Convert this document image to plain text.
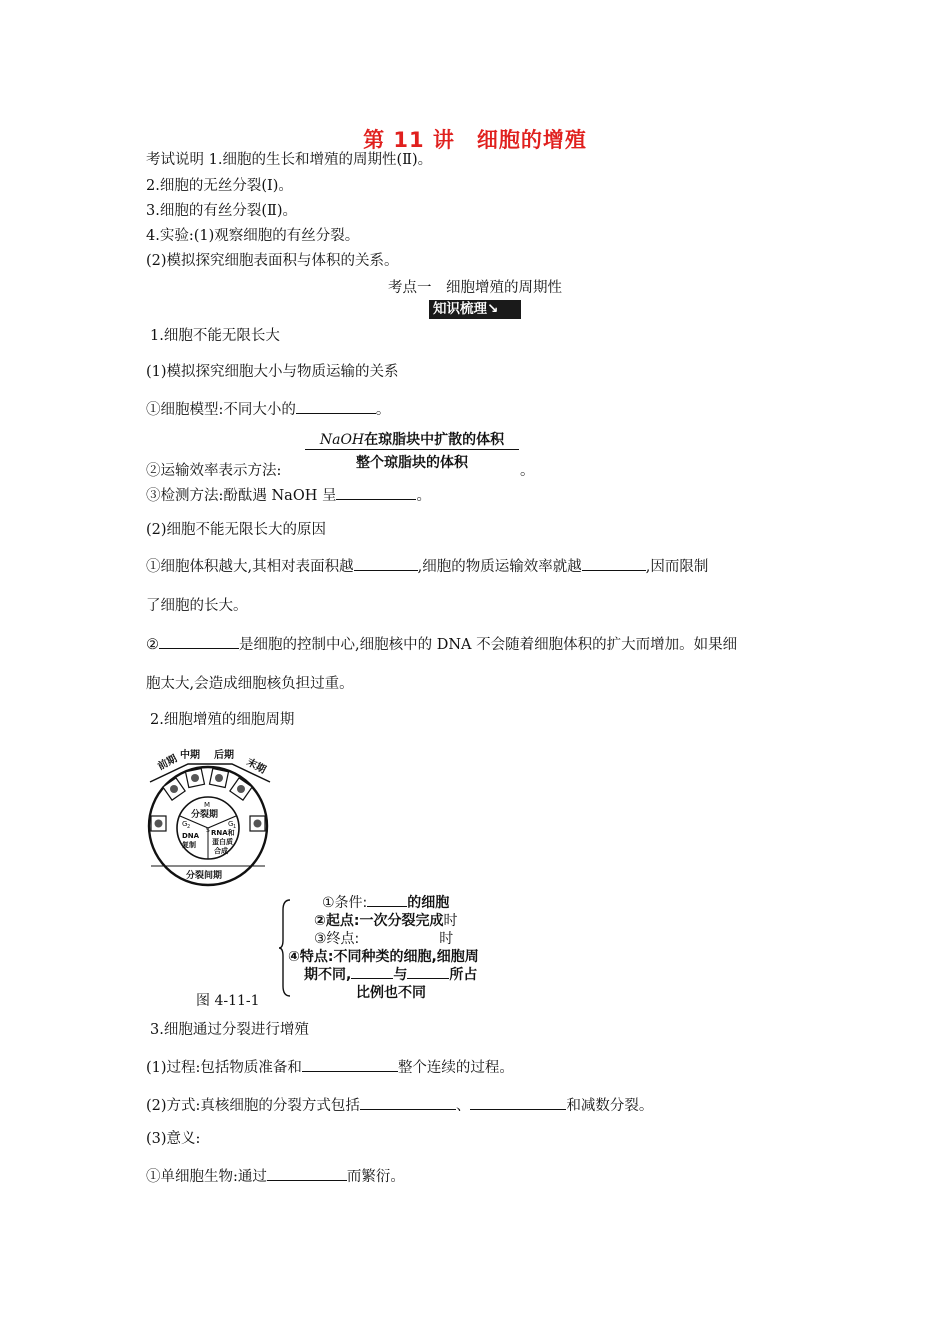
第 11 讲　细胞的增殖
考试说明 1.细胞的生长和增殖的周期性(Ⅱ)。
2.细胞的无丝分裂(Ⅰ)。
3.细胞的有丝分裂(Ⅱ)。
4.实验:(1)观察细胞的有丝分裂。
(2)模拟探究细胞表面积与体积的关系。
考点一　细胞增殖的周期性
知识梳理↘
1.细胞不能无限长大
(1)模拟探究细胞大小与物质运输的关系
①细胞模型:不同大小的	。
NaOH在琼脂块中扩散的体积
整个琼脂块的体积
②运输效率表示方法:	。
③检测方法:酚酞遇 NaOH 呈	。
(2)细胞不能无限长大的原因
①细胞体积越大,其相对表面积越	,细胞的物质运输效率就越	,因而限制
了细胞的长大。
②	是细胞的控制中心,细胞核中的 DNA 不会随着细胞体积的扩大而增加。如果细
胞太大,会造成细胞核负担过重。
2.细胞增殖的细胞周期
前期 中期 后期
末期
M
分裂期
G 2	G 1
S
DNA
复制
RNA和
蛋白质
合成
分裂间期
①条件:	的细胞
②起点:一次分裂完成时
③终点:	时
④特点:不同种类的细胞,细胞周
期不同,	与	所占
比例也不同
图 4-11-1
3.细胞通过分裂进行增殖
(1)过程:包括物质准备和	整个连续的过程。
(2)方式:真核细胞的分裂方式包括	、	和减数分裂。
(3)意义:
①单细胞生物:通过	而繁衍。
